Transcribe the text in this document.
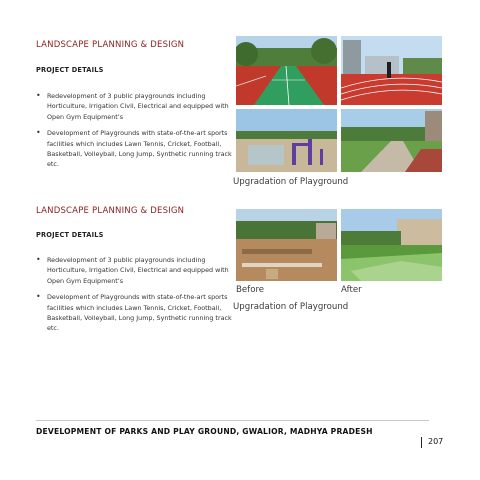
LANDSCAPE PLANNING & DESIGN
PROJECT DETAILS
• Redevelopment of 3 public playgrounds including Horticulture, Irrigation Civil, Electrical and equipped with Open Gym Equipment’s
• Development of Playgrounds with state-of-the-art sports facilities which includes Lawn Tennis, Cricket, Football, Basketball, Volleyball, Long Jump, Synthetic running track etc.
Upgradation of Playground
LANDSCAPE PLANNING & DESIGN
PROJECT DETAILS
• Redevelopment of 3 public playgrounds including Horticulture, Irrigation Civil, Electrical and equipped with Open Gym Equipment’s
• Development of Playgrounds with state-of-the-art sports facilities which includes Lawn Tennis, Cricket, Football, Basketball, Volleyball, Long Jump, Synthetic running track etc.
Before	After
Upgradation of Playground
DEVELOPMENT OF PARKS AND PLAY GROUND, GWALIOR, MADHYA PRADESH
207
